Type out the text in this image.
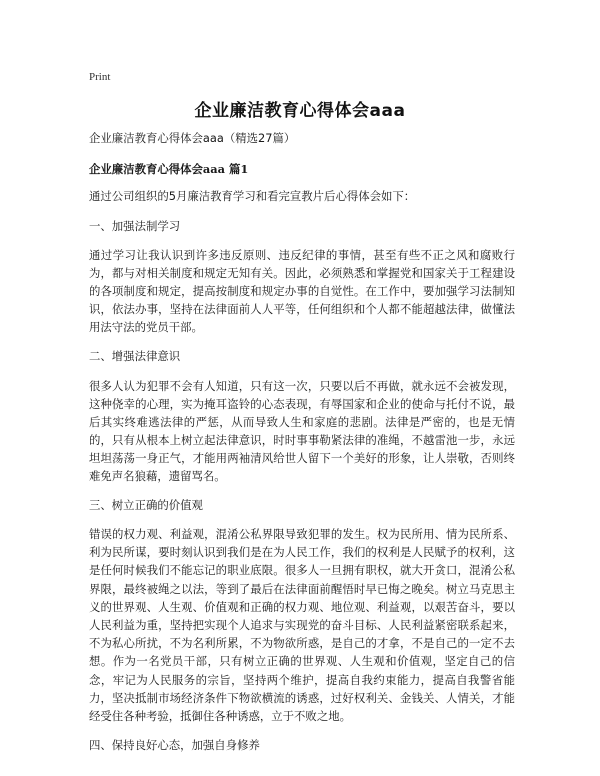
Print
企业廉洁教育心得体会aaa

企业廉洁教育心得体会aaa（精选27篇）

企业廉洁教育心得体会aaa 篇1

通过公司组织的5月廉洁教育学习和看完宣教片后心得体会如下：

一、加强法制学习

通过学习让我认识到许多违反原则、违反纪律的事情，甚至有些不正之风和腐败行为，都与对相关制度和规定无知有关。因此，必须熟悉和掌握党和国家关于工程建设的各项制度和规定，提高按制度和规定办事的自觉性。在工作中，要加强学习法制知识，依法办事，坚持在法律面前人人平等，任何组织和个人都不能超越法律，做懂法用法守法的党员干部。

二、增强法律意识

很多人认为犯罪不会有人知道，只有这一次，只要以后不再做，就永远不会被发现，这种侥幸的心理，实为掩耳盗铃的心态表现，有辱国家和企业的使命与托付不说，最后其实终难逃法律的严惩，从而导致人生和家庭的悲剧。法律是严密的，也是无情的，只有从根本上树立起法律意识，时时事事勒紧法律的准绳，不越雷池一步，永远坦坦荡荡一身正气，才能用两袖清风给世人留下一个美好的形象，让人崇敬，否则终难免声名狼藉，遗留骂名。

三、树立正确的价值观

错误的权力观、利益观，混淆公私界限导致犯罪的发生。权为民所用、情为民所系、利为民所谋，要时刻认识到我们是在为人民工作，我们的权利是人民赋予的权利，这是任何时候我们不能忘记的职业底限。很多人一旦拥有职权，就大开贪口，混淆公私界限，最终被绳之以法，等到了最后在法律面前醒悟时早已悔之晚矣。树立马克思主义的世界观、人生观、价值观和正确的权力观、地位观、利益观，以艰苦奋斗，要以人民利益为重，坚持把实现个人追求与实现党的奋斗目标、人民利益紧密联系起来，不为私心所扰，不为名利所累，不为物欲所惑，是自己的才拿，不是自己的一定不去想。作为一名党员干部，只有树立正确的世界观、人生观和价值观，坚定自己的信念，牢记为人民服务的宗旨，坚持两个维护，提高自我约束能力，提高自我警省能力，坚决抵制市场经济条件下物欲横流的诱惑，过好权利关、金钱关、人情关，才能经受住各种考验，抵御住各种诱惑，立于不败之地。

四、保持良好心态，加强自身修养
